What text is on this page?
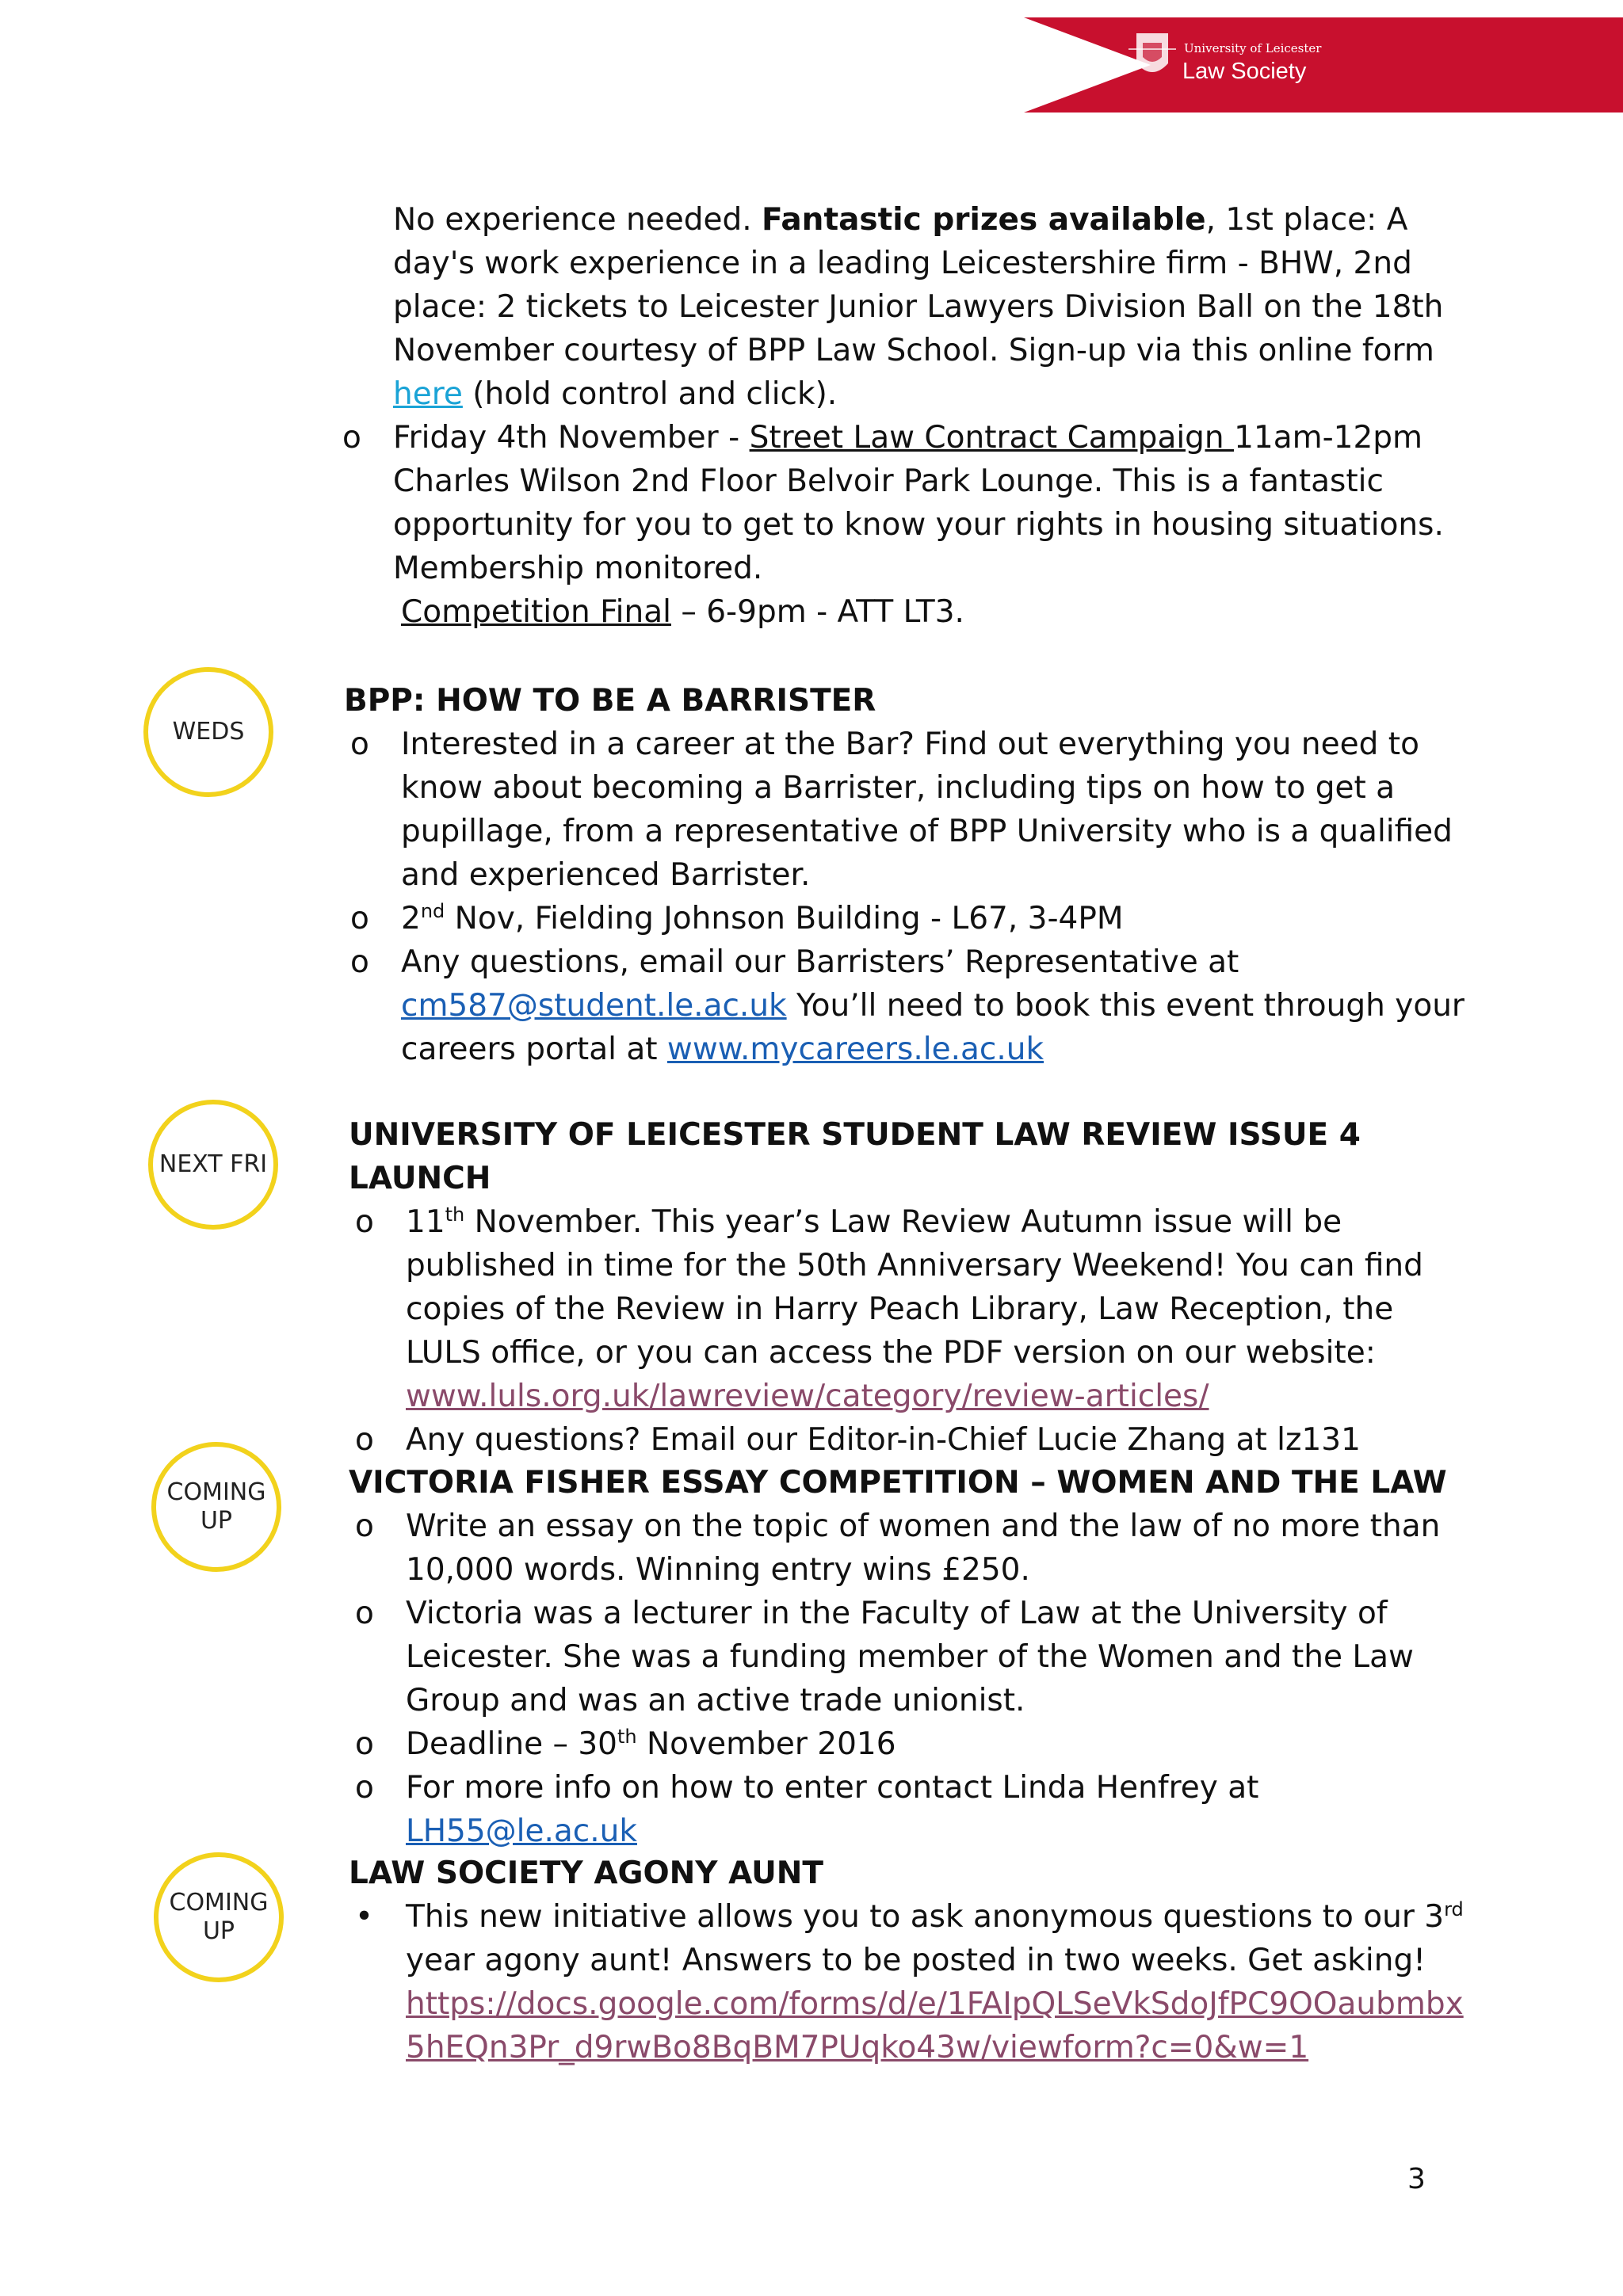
University of Leicester
Law Society
No experience needed. Fantastic prizes available, 1st place: A day's work experience in a leading Leicestershire firm - BHW, 2nd place: 2 tickets to Leicester Junior Lawyers Division Ball on the 18th November courtesy of BPP Law School. Sign-up via this online form here (hold control and click).
o	Friday 4th November - Street Law Contract Campaign 11am-12pm Charles Wilson 2nd Floor Belvoir Park Lounge. This is a fantastic opportunity for you to get to know your rights in housing situations. Membership monitored.
Competition Final – 6-9pm - ATT LT3.
WEDS
BPP: HOW TO BE A BARRISTER
o	Interested in a career at the Bar? Find out everything you need to know about becoming a Barrister, including tips on how to get a pupillage, from a representative of BPP University who is a qualified and experienced Barrister.
o	2nd Nov, Fielding Johnson Building - L67, 3-4PM
o	Any questions, email our Barristers’ Representative at cm587@student.le.ac.uk You’ll need to book this event through your careers portal at www.mycareers.le.ac.uk
NEXT FRI
UNIVERSITY OF LEICESTER STUDENT LAW REVIEW ISSUE 4 LAUNCH
o	11th November. This year’s Law Review Autumn issue will be published in time for the 50th Anniversary Weekend! You can find copies of the Review in Harry Peach Library, Law Reception, the LULS office, or you can access the PDF version on our website: www.luls.org.uk/lawreview/category/review-articles/
o	Any questions? Email our Editor-in-Chief Lucie Zhang at lz131
COMING
UP
VICTORIA FISHER ESSAY COMPETITION – WOMEN AND THE LAW
o	Write an essay on the topic of women and the law of no more than 10,000 words. Winning entry wins £250.
o	Victoria was a lecturer in the Faculty of Law at the University of Leicester. She was a funding member of the Women and the Law Group and was an active trade unionist.
o	Deadline – 30th November 2016
o	For more info on how to enter contact Linda Henfrey at LH55@le.ac.uk
COMING
UP
LAW SOCIETY AGONY AUNT
•	This new initiative allows you to ask anonymous questions to our 3rd year agony aunt! Answers to be posted in two weeks. Get asking!
https://docs.google.com/forms/d/e/1FAIpQLSeVkSdoJfPC9OOaubmbx
5hEQn3Pr_d9rwBo8BqBM7PUqko43w/viewform?c=0&w=1
3
